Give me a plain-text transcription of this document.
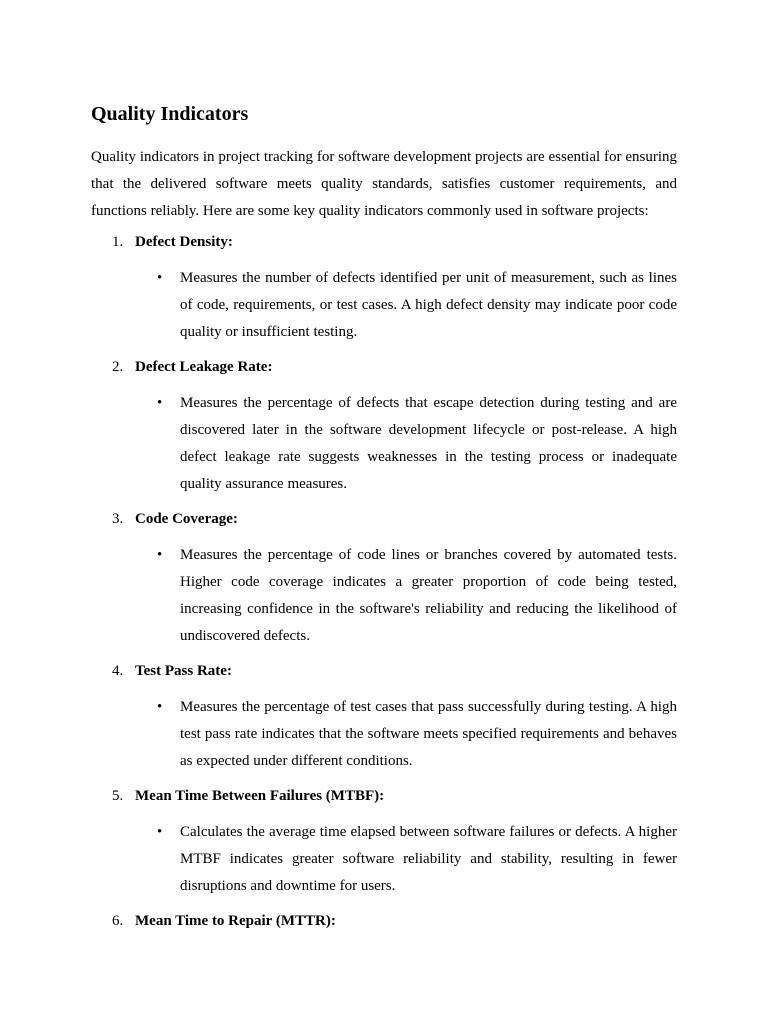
Quality Indicators

Quality indicators in project tracking for software development projects are essential for ensuring that the delivered software meets quality standards, satisfies customer requirements, and functions reliably. Here are some key quality indicators commonly used in software projects:

1. Defect Density:
• Measures the number of defects identified per unit of measurement, such as lines of code, requirements, or test cases. A high defect density may indicate poor code quality or insufficient testing.
2. Defect Leakage Rate:
• Measures the percentage of defects that escape detection during testing and are discovered later in the software development lifecycle or post-release. A high defect leakage rate suggests weaknesses in the testing process or inadequate quality assurance measures.
3. Code Coverage:
• Measures the percentage of code lines or branches covered by automated tests. Higher code coverage indicates a greater proportion of code being tested, increasing confidence in the software's reliability and reducing the likelihood of undiscovered defects.
4. Test Pass Rate:
• Measures the percentage of test cases that pass successfully during testing. A high test pass rate indicates that the software meets specified requirements and behaves as expected under different conditions.
5. Mean Time Between Failures (MTBF):
• Calculates the average time elapsed between software failures or defects. A higher MTBF indicates greater software reliability and stability, resulting in fewer disruptions and downtime for users.
6. Mean Time to Repair (MTTR):
